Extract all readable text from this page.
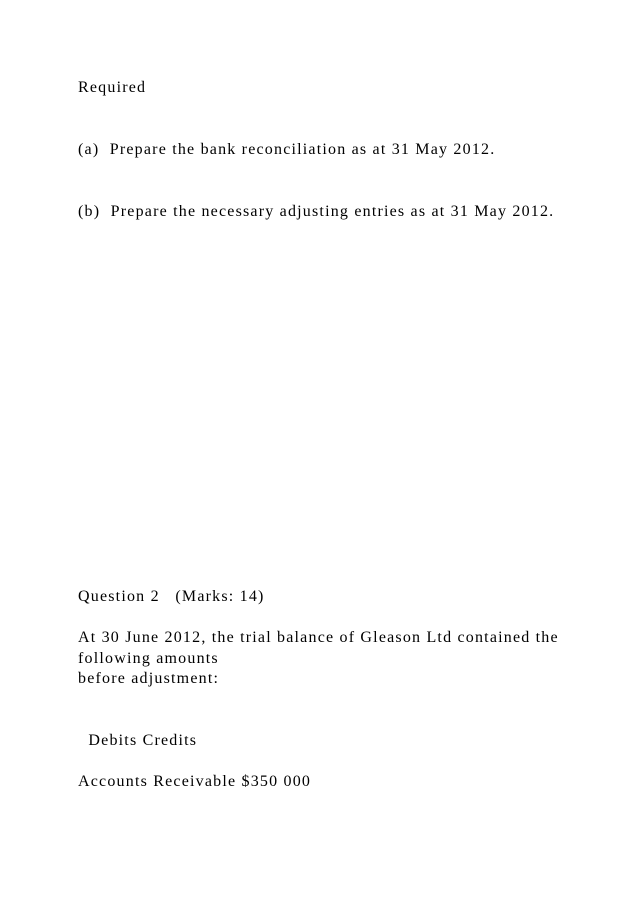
Required

(a)  Prepare the bank reconciliation as at 31 May 2012.

(b)  Prepare the necessary adjusting entries as at 31 May 2012.

Question 2   (Marks: 14)

At 30 June 2012, the trial balance of Gleason Ltd contained the

following amounts

before adjustment:

Debits Credits

Accounts Receivable $350 000
